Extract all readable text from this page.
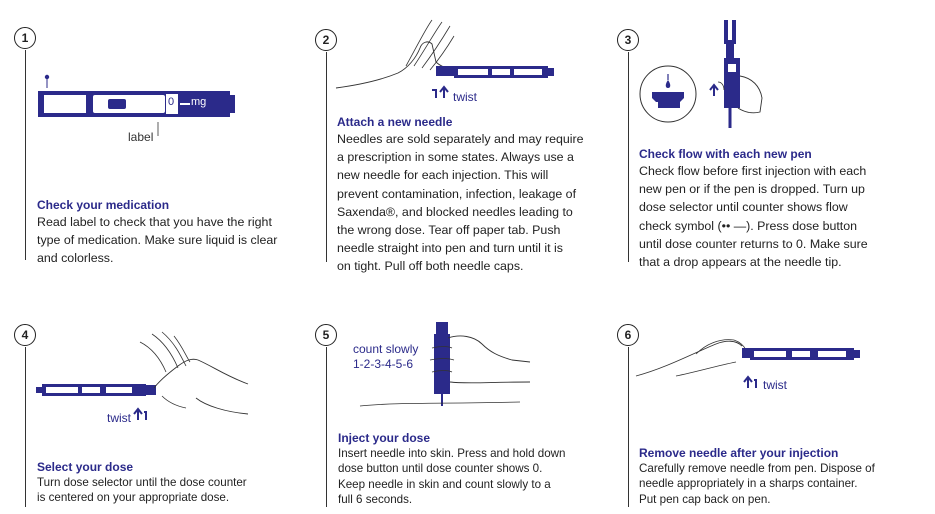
1
mg
0
label
Check your medication
Read label to check that you have the right
type of medication. Make sure liquid is clear
and colorless.
2
twist
Attach a new needle
Needles are sold separately and may require
a prescription in some states. Always use a
new needle for each injection. This will
prevent contamination, infection, leakage of
Saxenda®, and blocked needles leading to
the wrong dose. Tear off paper tab. Push
needle straight into pen and turn until it is
on tight. Pull off both needle caps.
3
Check flow with each new pen
Check flow before first injection with each
new pen or if the pen is dropped. Turn up
dose selector until counter shows flow
check symbol (•• —). Press dose button
until dose counter returns to 0. Make sure
that a drop appears at the needle tip.
4
twist
Select your dose
Turn dose selector until the dose counter
is centered on your appropriate dose.
5
count slowly
1-2-3-4-5-6
Inject your dose
Insert needle into skin. Press and hold down
dose button until dose counter shows 0.
Keep needle in skin and count slowly to a
full 6 seconds.
6
twist
Remove needle after your injection
Carefully remove needle from pen. Dispose of
needle appropriately in a sharps container.
Put pen cap back on pen.
